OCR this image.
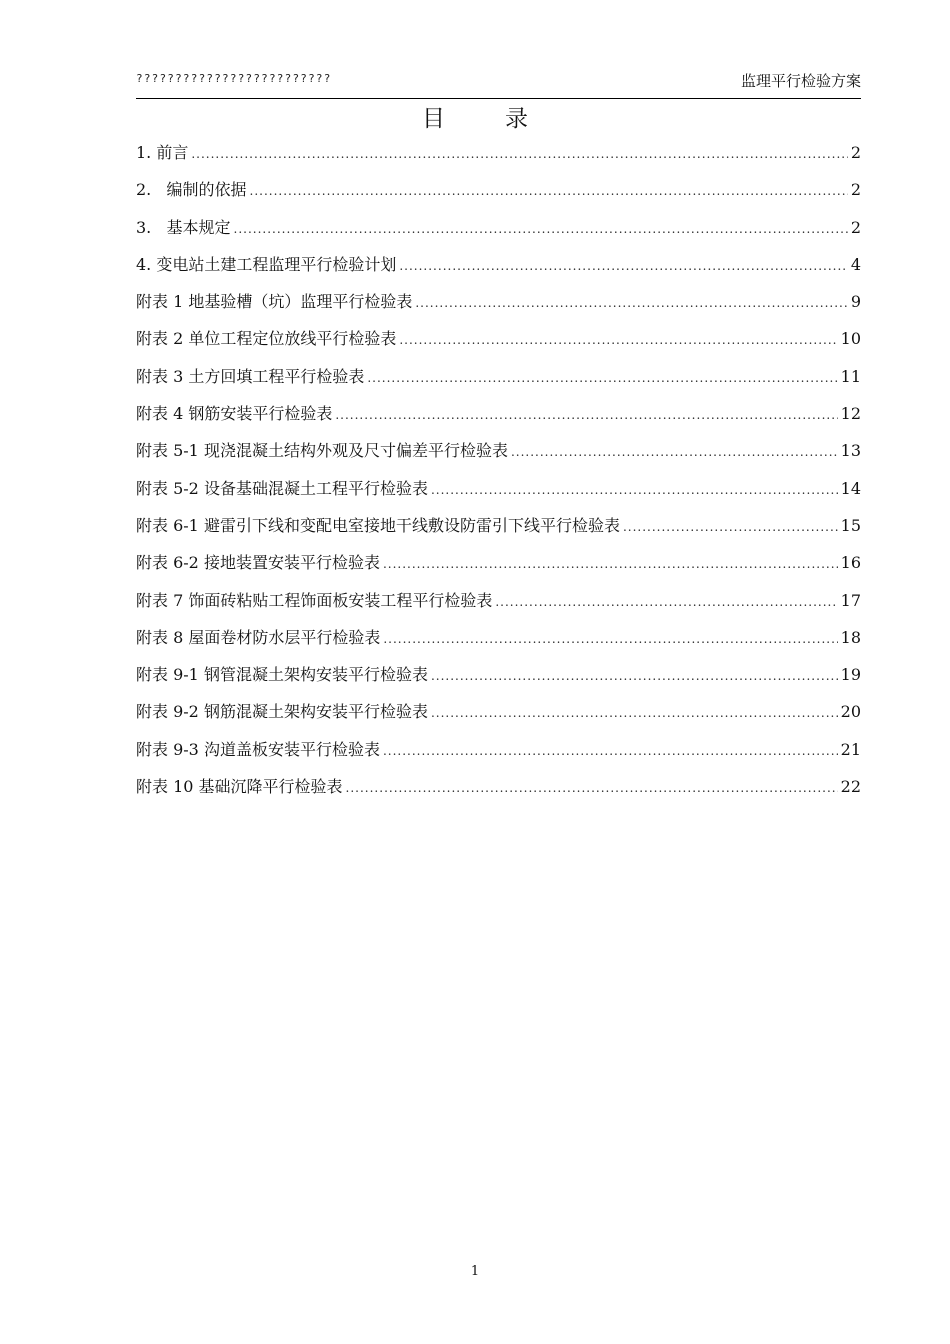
?????????????????????????	监理平行检验方案
目录
1. 前言 .....	2
2.   编制的依据 .....	2
3.   基本规定 .....	2
4. 变电站土建工程监理平行检验计划 .....	4
附表 1 地基验槽（坑）监理平行检验表 .....	9
附表 2 单位工程定位放线平行检验表 .....	10
附表 3 土方回填工程平行检验表 .....	11
附表 4 钢筋安装平行检验表 .....	12
附表 5-1 现浇混凝土结构外观及尺寸偏差平行检验表 .....	13
附表 5-2 设备基础混凝土工程平行检验表 .....	14
附表 6-1 避雷引下线和变配电室接地干线敷设防雷引下线平行检验表 .....	15
附表 6-2 接地装置安装平行检验表 .....	16
附表 7 饰面砖粘贴工程饰面板安装工程平行检验表 .....	17
附表 8 屋面卷材防水层平行检验表 .....	18
附表 9-1 钢管混凝土架构安装平行检验表 .....	19
附表 9-2 钢筋混凝土架构安装平行检验表 .....	20
附表 9-3 沟道盖板安装平行检验表 .....	21
附表 10 基础沉降平行检验表 .....	22
1
